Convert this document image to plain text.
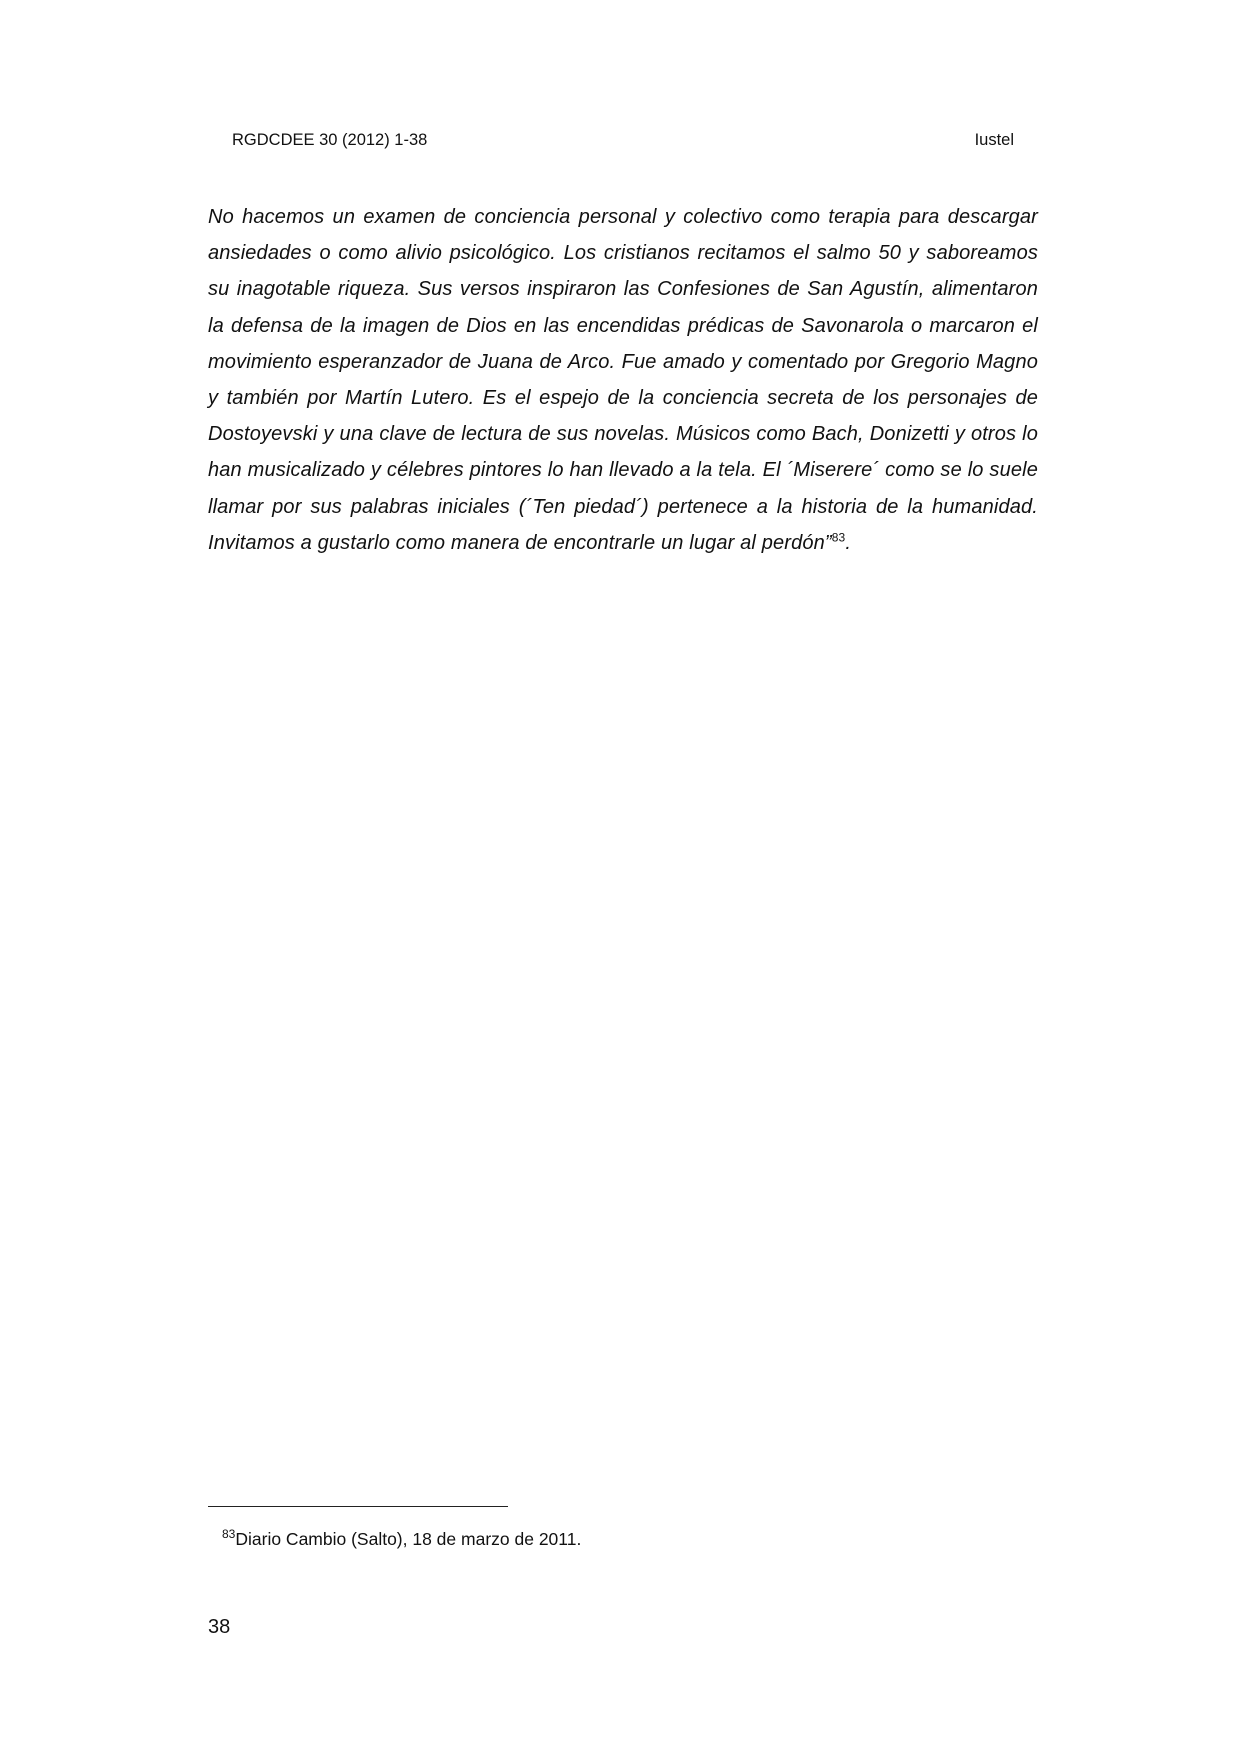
RGDCDEE 30 (2012) 1-38	Iustel

No hacemos un examen de conciencia personal y colectivo como terapia para descargar ansiedades o como alivio psicológico. Los cristianos recitamos el salmo 50 y saboreamos su inagotable riqueza. Sus versos inspiraron las Confesiones de San Agustín, alimentaron la defensa de la imagen de Dios en las encendidas prédicas de Savonarola o marcaron el movimiento esperanzador de Juana de Arco. Fue amado y comentado por Gregorio Magno y también por Martín Lutero. Es el espejo de la conciencia secreta de los personajes de Dostoyevski y una clave de lectura de sus novelas. Músicos como Bach, Donizetti y otros lo han musicalizado y célebres pintores lo han llevado a la tela. El ´Miserere´ como se lo suele llamar por sus palabras iniciales (´Ten piedad´) pertenece a la historia de la humanidad. Invitamos a gustarlo como manera de encontrarle un lugar al perdón”$^{83}$.

$^{83}$Diario Cambio (Salto), 18 de marzo de 2011.
38
